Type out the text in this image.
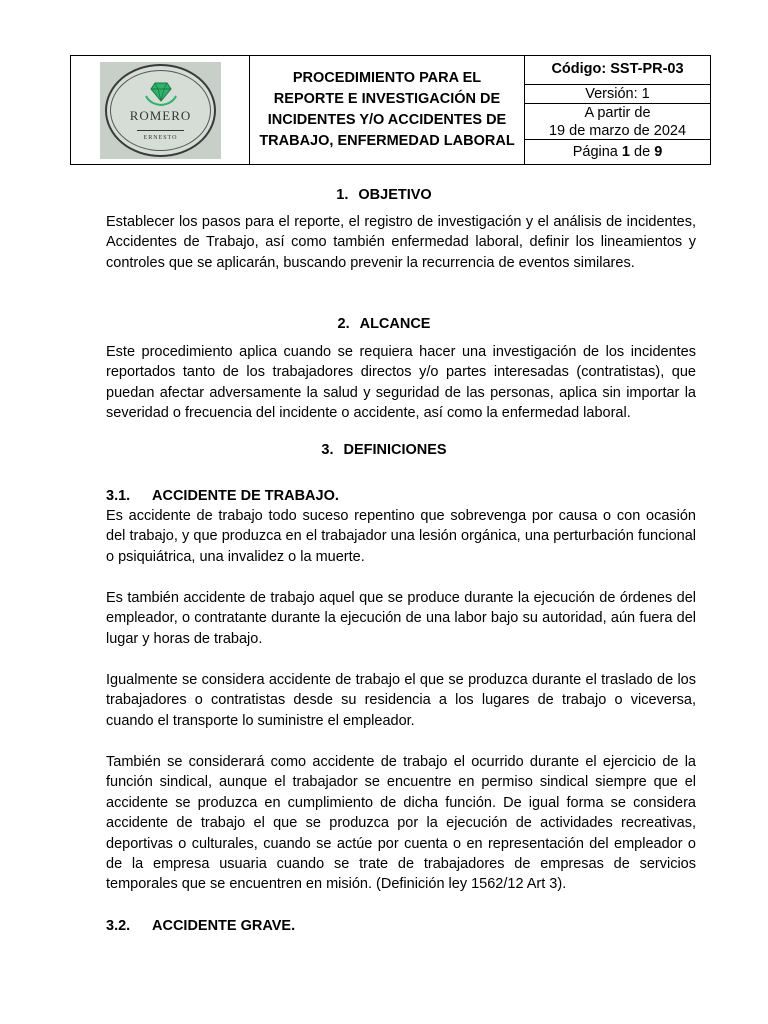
ROMERO
ERNESTO
PROCEDIMIENTO PARA EL REPORTE E INVESTIGACIÓN DE INCIDENTES Y/O ACCIDENTES DE TRABAJO, ENFERMEDAD LABORAL
Código: SST-PR-03
Versión: 1
A partir de
19 de marzo de 2024
Página 1 de 9
1. OBJETIVO
Establecer los pasos para el reporte, el registro de investigación y el análisis de incidentes, Accidentes de Trabajo, así como también enfermedad laboral, definir los lineamientos y controles que se aplicarán, buscando prevenir la recurrencia de eventos similares.
2. ALCANCE
Este procedimiento aplica cuando se requiera hacer una investigación de los incidentes reportados tanto de los trabajadores directos y/o partes interesadas (contratistas), que puedan afectar adversamente la salud y seguridad de las personas, aplica sin importar la severidad o frecuencia del incidente o accidente, así como la enfermedad laboral.
3. DEFINICIONES
3.1. ACCIDENTE DE TRABAJO.
Es accidente de trabajo todo suceso repentino que sobrevenga por causa o con ocasión del trabajo, y que produzca en el trabajador una lesión orgánica, una perturbación funcional o psiquiátrica, una invalidez o la muerte.
Es también accidente de trabajo aquel que se produce durante la ejecución de órdenes del empleador, o contratante durante la ejecución de una labor bajo su autoridad, aún fuera del lugar y horas de trabajo.
Igualmente se considera accidente de trabajo el que se produzca durante el traslado de los trabajadores o contratistas desde su residencia a los lugares de trabajo o viceversa, cuando el transporte lo suministre el empleador.
También se considerará como accidente de trabajo el ocurrido durante el ejercicio de la función sindical, aunque el trabajador se encuentre en permiso sindical siempre que el accidente se produzca en cumplimiento de dicha función. De igual forma se considera accidente de trabajo el que se produzca por la ejecución de actividades recreativas, deportivas o culturales, cuando se actúe por cuenta o en representación del empleador o de la empresa usuaria cuando se trate de trabajadores de empresas de servicios temporales que se encuentren en misión. (Definición ley 1562/12 Art 3).
3.2. ACCIDENTE GRAVE.
